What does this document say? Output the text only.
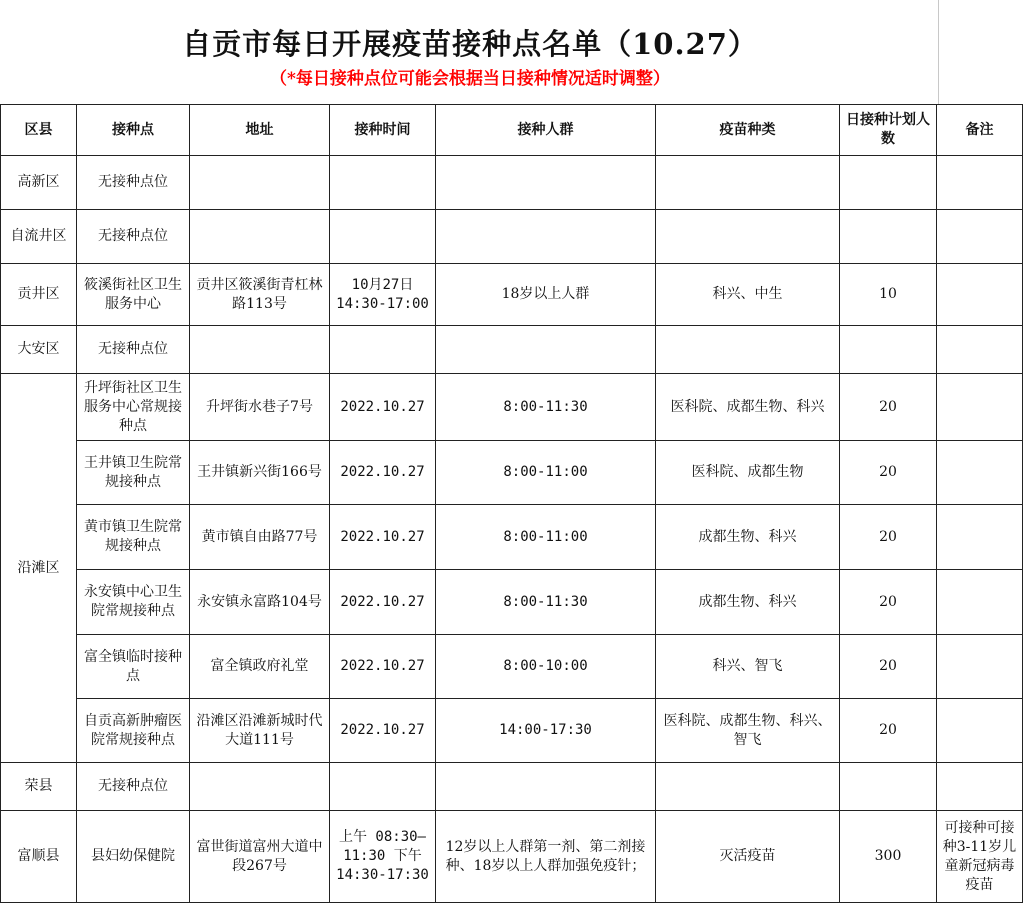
自贡市每日开展疫苗接种点名单（10.27）
（*每日接种点位可能会根据当日接种情况适时调整）
区县	接种点	地址	接种时间	接种人群	疫苗种类	日接种计划人数	备注
高新区	无接种点位						
自流井区	无接种点位						
贡井区	筱溪街社区卫生服务中心	贡井区筱溪街青杠林路113号	10月27日 14:30-17:00	18岁以上人群	科兴、中生	10	
大安区	无接种点位						
沿滩区	升坪街社区卫生服务中心常规接种点	升坪街水巷子7号	2022.10.27	8:00-11:30	医科院、成都生物、科兴	20	
	王井镇卫生院常规接种点	王井镇新兴街166号	2022.10.27	8:00-11:00	医科院、成都生物	20	
	黄市镇卫生院常规接种点	黄市镇自由路77号	2022.10.27	8:00-11:00	成都生物、科兴	20	
	永安镇中心卫生院常规接种点	永安镇永富路104号	2022.10.27	8:00-11:30	成都生物、科兴	20	
	富全镇临时接种点	富全镇政府礼堂	2022.10.27	8:00-10:00	科兴、智飞	20	
	自贡高新肿瘤医院常规接种点	沿滩区沿滩新城时代大道111号	2022.10.27	14:00-17:30	医科院、成都生物、科兴、智飞	20	
荣县	无接种点位						
富顺县	县妇幼保健院	富世街道富州大道中段267号	上午 08:30—11:30 下午14:30-17:30	12岁以上人群第一剂、第二剂接种、18岁以上人群加强免疫针；	灭活疫苗	300	可接种可接种3-11岁儿童新冠病毒疫苗
